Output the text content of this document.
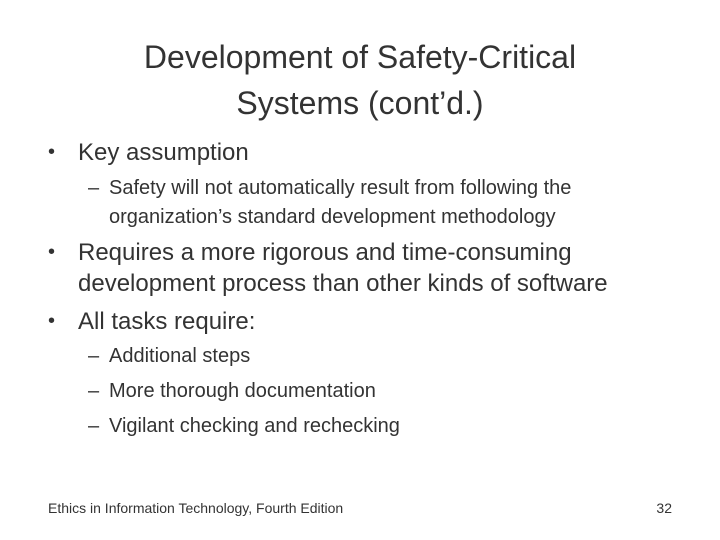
Development of Safety-Critical
Systems (cont’d.)
• Key assumption
– Safety will not automatically result from following the organization’s standard development methodology
• Requires a more rigorous and time-consuming development process than other kinds of software
• All tasks require:
– Additional steps
– More thorough documentation
– Vigilant checking and rechecking
Ethics in Information Technology, Fourth Edition	32
